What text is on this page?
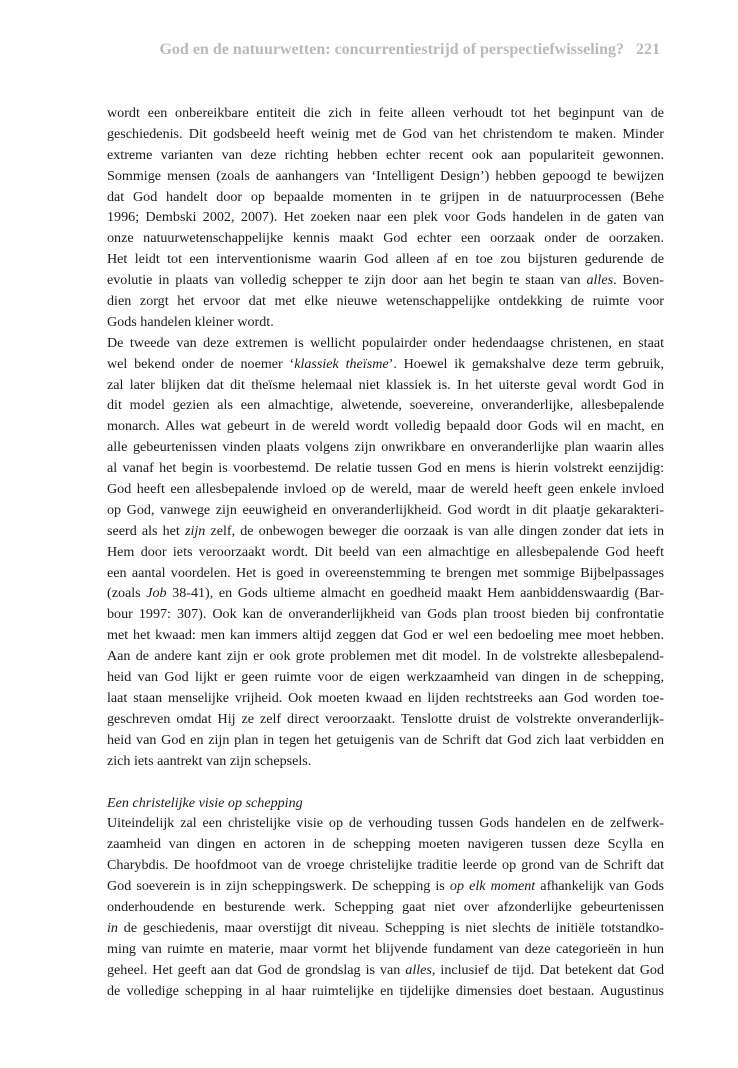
God en de natuurwetten: concurrentiestrijd of perspectiefwisseling? 221
wordt een onbereikbare entiteit die zich in feite alleen verhoudt tot het beginpunt van de
geschiedenis. Dit godsbeeld heeft weinig met de God van het christendom te maken. Minder
extreme varianten van deze richting hebben echter recent ook aan populariteit gewonnen.
Sommige mensen (zoals de aanhangers van ‘Intelligent Design’) hebben gepoogd te bewijzen
dat God handelt door op bepaalde momenten in te grijpen in de natuurprocessen (Behe
1996; Dembski 2002, 2007). Het zoeken naar een plek voor Gods handelen in de gaten van
onze natuurwetenschappelijke kennis maakt God echter een oorzaak onder de oorzaken.
Het leidt tot een interventionisme waarin God alleen af en toe zou bijsturen gedurende de
evolutie in plaats van volledig schepper te zijn door aan het begin te staan van alles. Boven-
dien zorgt het ervoor dat met elke nieuwe wetenschappelijke ontdekking de ruimte voor
Gods handelen kleiner wordt.
De tweede van deze extremen is wellicht populairder onder hedendaagse christenen, en staat
wel bekend onder de noemer ‘klassiek theïsme’. Hoewel ik gemakshalve deze term gebruik,
zal later blijken dat dit theïsme helemaal niet klassiek is. In het uiterste geval wordt God in
dit model gezien als een almachtige, alwetende, soevereine, onveranderlijke, allesbepalende
monarch. Alles wat gebeurt in de wereld wordt volledig bepaald door Gods wil en macht, en
alle gebeurtenissen vinden plaats volgens zijn onwrikbare en onveranderlijke plan waarin alles
al vanaf het begin is voorbestemd. De relatie tussen God en mens is hierin volstrekt eenzijdig:
God heeft een allesbepalende invloed op de wereld, maar de wereld heeft geen enkele invloed
op God, vanwege zijn eeuwigheid en onveranderlijkheid. God wordt in dit plaatje gekarakteri-
seerd als het zijn zelf, de onbewogen beweger die oorzaak is van alle dingen zonder dat iets in
Hem door iets veroorzaakt wordt. Dit beeld van een almachtige en allesbepalende God heeft
een aantal voordelen. Het is goed in overeenstemming te brengen met sommige Bijbelpassages
(zoals Job 38-41), en Gods ultieme almacht en goedheid maakt Hem aanbiddenswaardig (Bar-
bour 1997: 307). Ook kan de onveranderlijkheid van Gods plan troost bieden bij confrontatie
met het kwaad: men kan immers altijd zeggen dat God er wel een bedoeling mee moet hebben.
Aan de andere kant zijn er ook grote problemen met dit model. In de volstrekte allesbepalend-
heid van God lijkt er geen ruimte voor de eigen werkzaamheid van dingen in de schepping,
laat staan menselijke vrijheid. Ook moeten kwaad en lijden rechtstreeks aan God worden toe-
geschreven omdat Hij ze zelf direct veroorzaakt. Tenslotte druist de volstrekte onveranderlijk-
heid van God en zijn plan in tegen het getuigenis van de Schrift dat God zich laat verbidden en
zich iets aantrekt van zijn schepsels.
Een christelijke visie op schepping
Uiteindelijk zal een christelijke visie op de verhouding tussen Gods handelen en de zelfwerk-
zaamheid van dingen en actoren in de schepping moeten navigeren tussen deze Scylla en
Charybdis. De hoofdmoot van de vroege christelijke traditie leerde op grond van de Schrift dat
God soeverein is in zijn scheppingswerk. De schepping is op elk moment afhankelijk van Gods
onderhoudende en besturende werk. Schepping gaat niet over afzonderlijke gebeurtenissen
in de geschiedenis, maar overstijgt dit niveau. Schepping is niet slechts de initiële totstandko-
ming van ruimte en materie, maar vormt het blijvende fundament van deze categorieën in hun
geheel. Het geeft aan dat God de grondslag is van alles, inclusief de tijd. Dat betekent dat God
de volledige schepping in al haar ruimtelijke en tijdelijke dimensies doet bestaan. Augustinus
